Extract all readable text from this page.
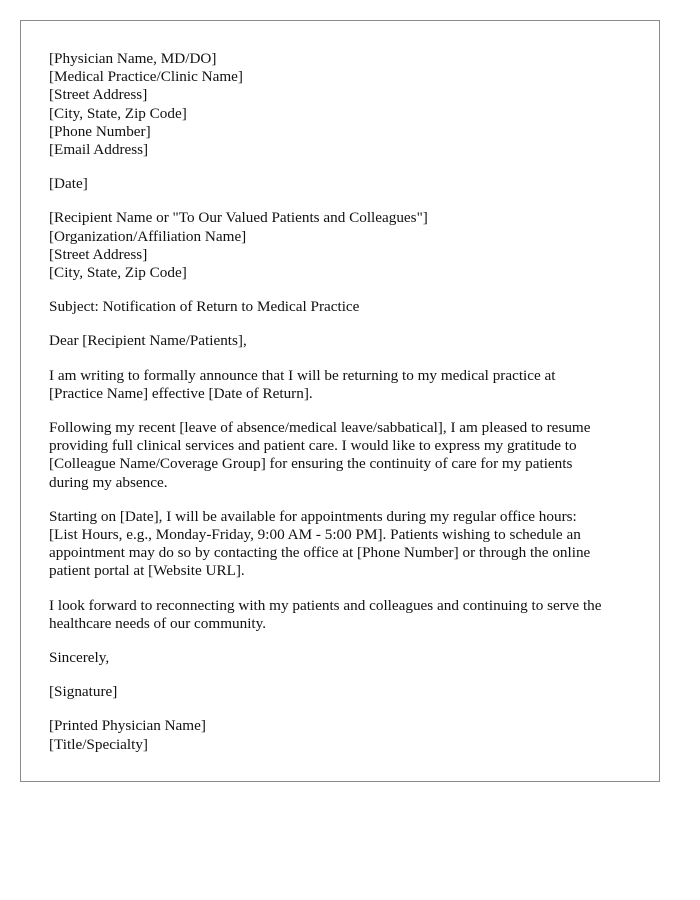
[Physician Name, MD/DO]
[Medical Practice/Clinic Name]
[Street Address]
[City, State, Zip Code]
[Phone Number]
[Email Address]
[Date]
[Recipient Name or "To Our Valued Patients and Colleagues"]
[Organization/Affiliation Name]
[Street Address]
[City, State, Zip Code]
Subject: Notification of Return to Medical Practice
Dear [Recipient Name/Patients],
I am writing to formally announce that I will be returning to my medical practice at
[Practice Name] effective [Date of Return].
Following my recent [leave of absence/medical leave/sabbatical], I am pleased to resume
providing full clinical services and patient care. I would like to express my gratitude to
[Colleague Name/Coverage Group] for ensuring the continuity of care for my patients
during my absence.
Starting on [Date], I will be available for appointments during my regular office hours:
[List Hours, e.g., Monday-Friday, 9:00 AM - 5:00 PM]. Patients wishing to schedule an
appointment may do so by contacting the office at [Phone Number] or through the online
patient portal at [Website URL].
I look forward to reconnecting with my patients and colleagues and continuing to serve the
healthcare needs of our community.
Sincerely,
[Signature]
[Printed Physician Name]
[Title/Specialty]
